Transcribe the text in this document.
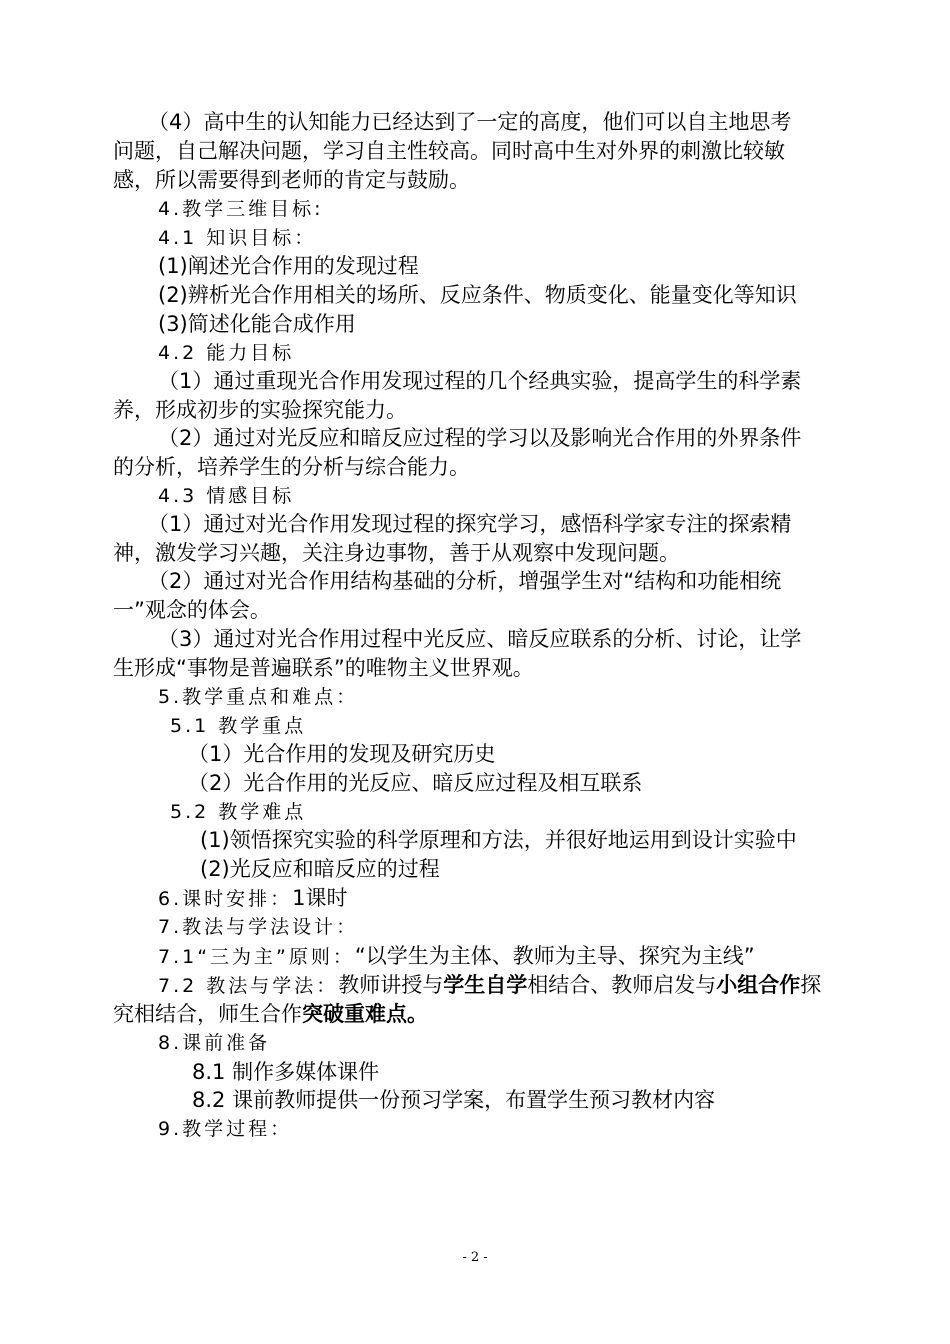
（4）高中生的认知能力已经达到了一定的高度，他们可以自主地思考
问题，自己解决问题，学习自主性较高。同时高中生对外界的刺激比较敏
感，所以需要得到老师的肯定与鼓励。
4.教学三维目标:
4.1 知识目标：
(1)阐述光合作用的发现过程
(2)辨析光合作用相关的场所、反应条件、物质变化、能量变化等知识
(3)简述化能合成作用
4.2 能力目标
（1）通过重现光合作用发现过程的几个经典实验，提高学生的科学素
养，形成初步的实验探究能力。
（2）通过对光反应和暗反应过程的学习以及影响光合作用的外界条件
的分析，培养学生的分析与综合能力。
4.3 情感目标
（1）通过对光合作用发现过程的探究学习，感悟科学家专注的探索精
神，激发学习兴趣，关注身边事物，善于从观察中发现问题。
（2）通过对光合作用结构基础的分析，增强学生对“结构和功能相统
一”观念的体会。
（3）通过对光合作用过程中光反应、暗反应联系的分析、讨论，让学
生形成“事物是普遍联系”的唯物主义世界观。
5.教学重点和难点：
5.1 教学重点
（1）光合作用的发现及研究历史
（2）光合作用的光反应、暗反应过程及相互联系
5.2 教学难点
(1)领悟探究实验的科学原理和方法，并很好地运用到设计实验中
(2)光反应和暗反应的过程
6.课时安排：1课时
7.教法与学法设计：
7.1“三为主”原则：“以学生为主体、教师为主导、探究为主线”
7.2 教法与学法：教师讲授与学生自学相结合、教师启发与小组合作探
究相结合，师生合作突破重难点。
8.课前准备
8.1 制作多媒体课件
8.2 课前教师提供一份预习学案，布置学生预习教材内容
9.教学过程：
- 2 -
